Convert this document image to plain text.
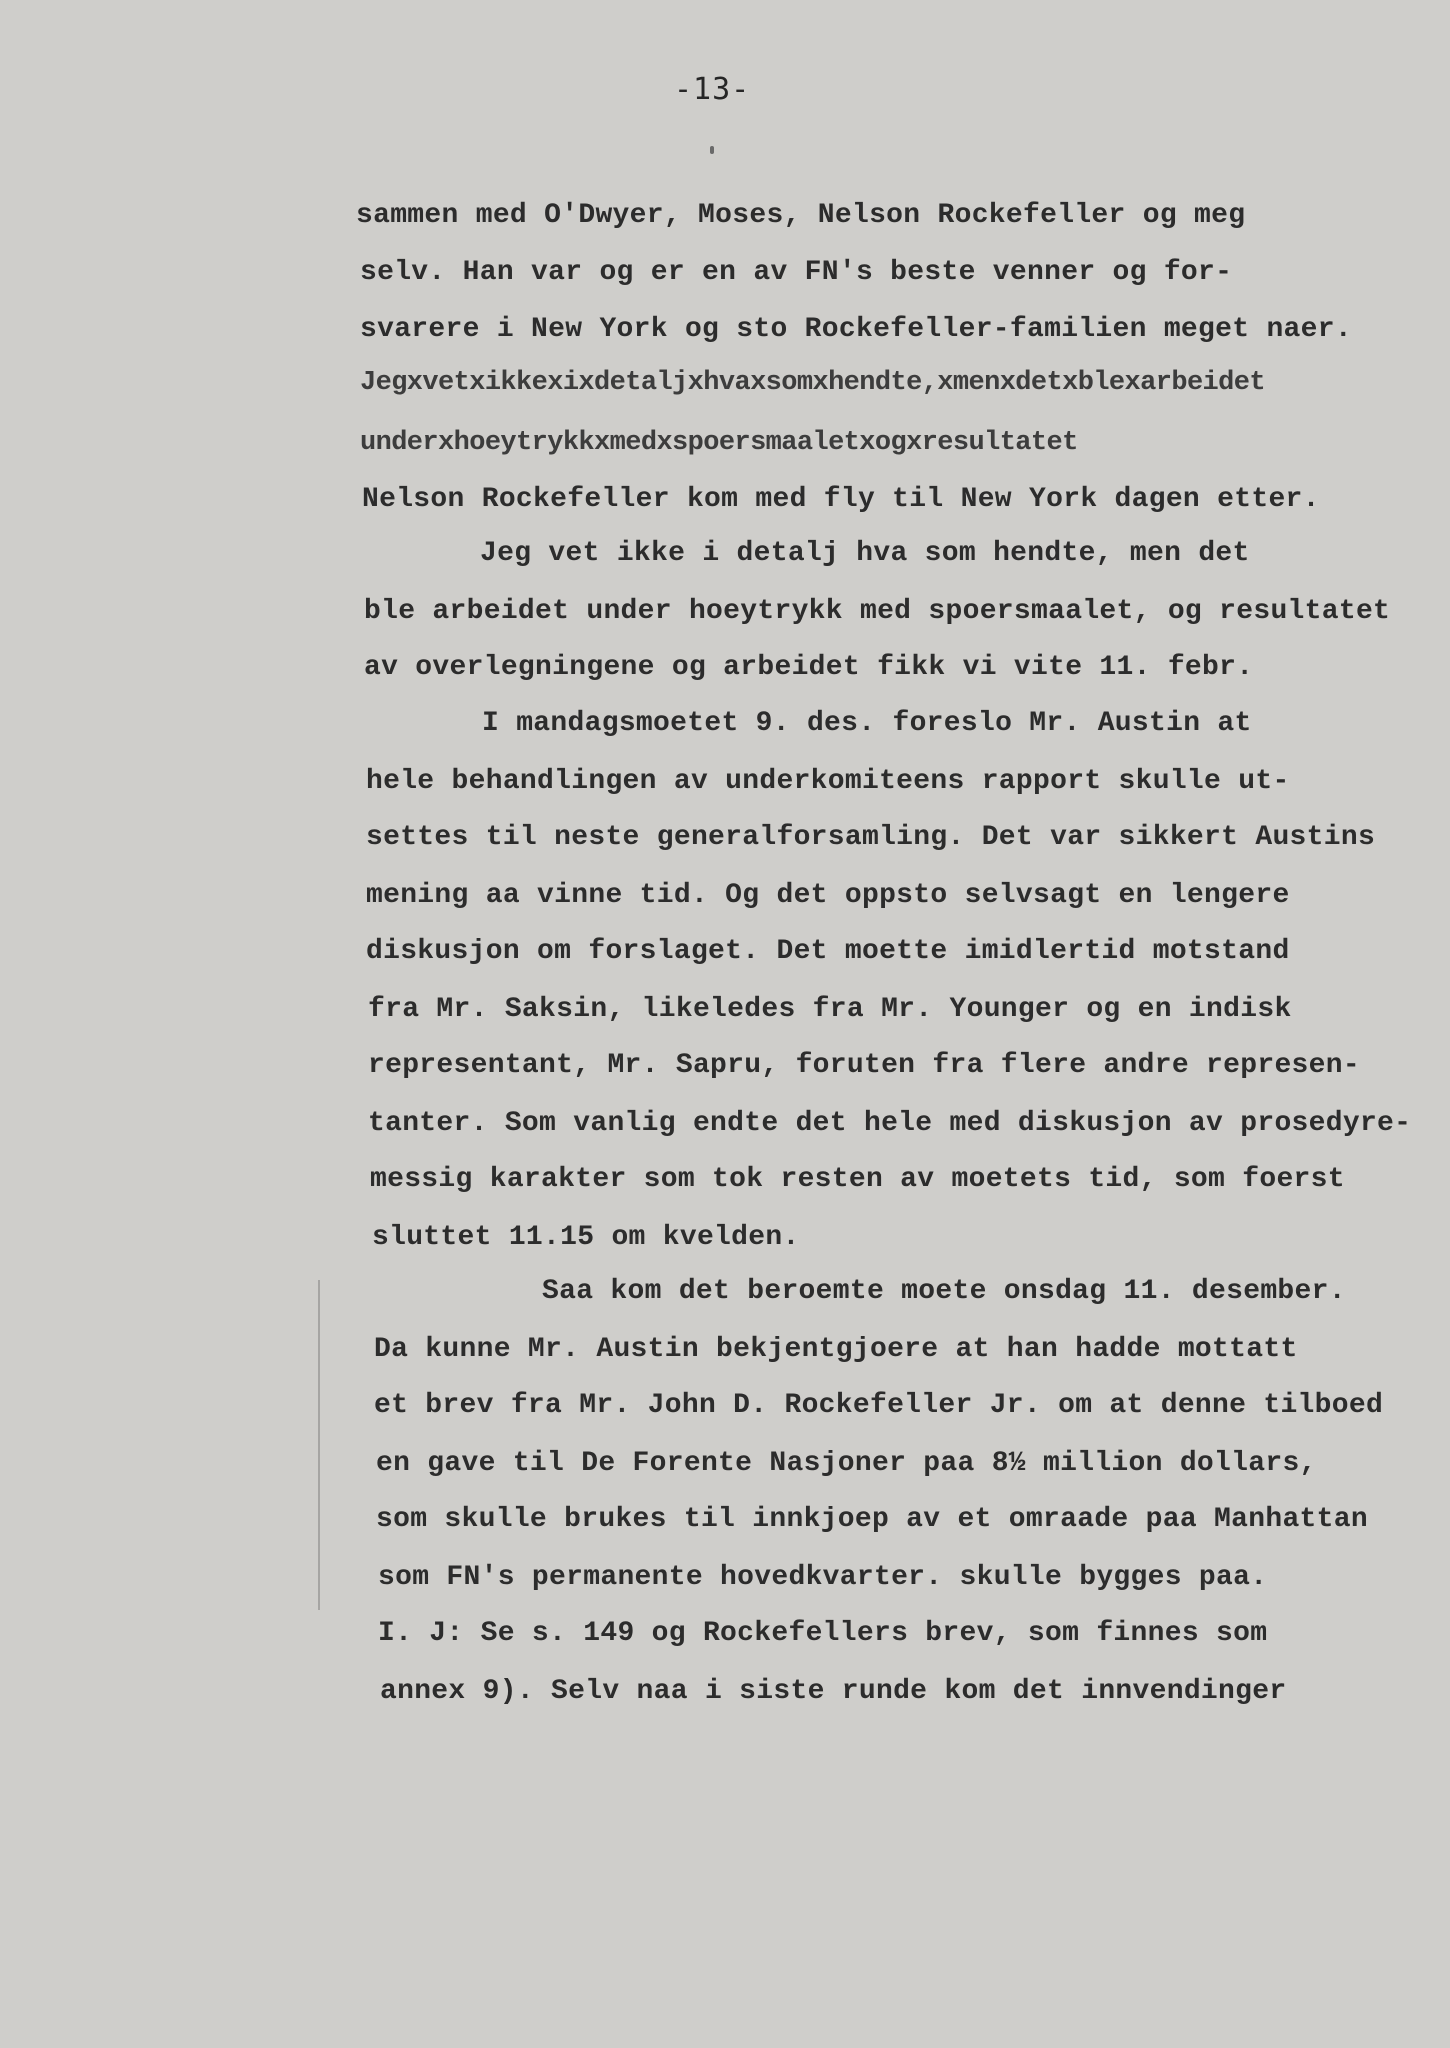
-13-
sammen med O'Dwyer, Moses, Nelson Rockefeller og meg
selv. Han var og er en av FN's beste venner og for-
svarere i New York og sto Rockefeller-familien meget naer.
Jegxvetxikkexixdetaljxhvaxsomxhendte,xmenxdetxblexarbeidet
underxhoeytrykkxmedxspoersmaaletxogxresultatet
Nelson Rockefeller kom med fly til New York dagen etter.
Jeg vet ikke i detalj hva som hendte, men det
ble arbeidet under hoeytrykk med spoersmaalet, og resultatet
av overlegningene og arbeidet fikk vi vite 11. febr.
I mandagsmoetet 9. des. foreslo Mr. Austin at
hele behandlingen av underkomiteens rapport skulle ut-
settes til neste generalforsamling. Det var sikkert Austins
mening aa vinne tid. Og det oppsto selvsagt en lengere
diskusjon om forslaget. Det moette imidlertid motstand
fra Mr. Saksin, likeledes fra Mr. Younger og en indisk
representant, Mr. Sapru, foruten fra flere andre represen-
tanter. Som vanlig endte det hele med diskusjon av prosedyre-
messig karakter som tok resten av moetets tid, som foerst
sluttet 11.15 om kvelden.
Saa kom det beroemte moete onsdag 11. desember.
Da kunne Mr. Austin bekjentgjoere at han hadde mottatt
et brev fra Mr. John D. Rockefeller Jr. om at denne tilboed
en gave til De Forente Nasjoner paa 8½ million dollars,
som skulle brukes til innkjoep av et omraade paa Manhattan
som FN's permanente hovedkvarter. skulle bygges paa.
I. J: Se s. 149 og Rockefellers brev, som finnes som
annex 9). Selv naa i siste runde kom det innvendinger
